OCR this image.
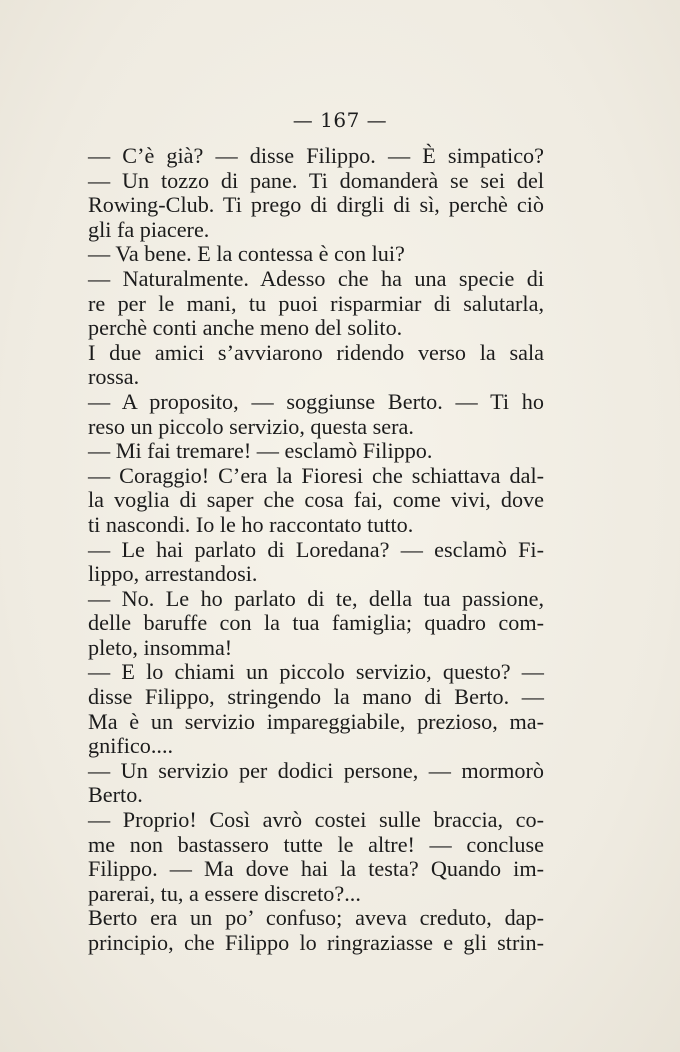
— 167 —
— C’è già? — disse Filippo. — È simpatico?
— Un tozzo di pane. Ti domanderà se sei del
Rowing-Club. Ti prego di dirgli di sì, perchè ciò
gli fa piacere.
— Va bene. E la contessa è con lui?
— Naturalmente. Adesso che ha una specie di
re per le mani, tu puoi risparmiar di salutarla,
perchè conti anche meno del solito.
I due amici s’avviarono ridendo verso la sala
rossa.
— A proposito, — soggiunse Berto. — Ti ho
reso un piccolo servizio, questa sera.
— Mi fai tremare! — esclamò Filippo.
— Coraggio! C’era la Fioresi che schiattava dal-
la voglia di saper che cosa fai, come vivi, dove
ti nascondi. Io le ho raccontato tutto.
— Le hai parlato di Loredana? — esclamò Fi-
lippo, arrestandosi.
— No. Le ho parlato di te, della tua passione,
delle baruffe con la tua famiglia; quadro com-
pleto, insomma!
— E lo chiami un piccolo servizio, questo? —
disse Filippo, stringendo la mano di Berto. —
Ma è un servizio impareggiabile, prezioso, ma-
gnifico....
— Un servizio per dodici persone, — mormorò
Berto.
— Proprio! Così avrò costei sulle braccia, co-
me non bastassero tutte le altre! — concluse
Filippo. — Ma dove hai la testa? Quando im-
parerai, tu, a essere discreto?...
Berto era un po’ confuso; aveva creduto, dap-
principio, che Filippo lo ringraziasse e gli strin-
